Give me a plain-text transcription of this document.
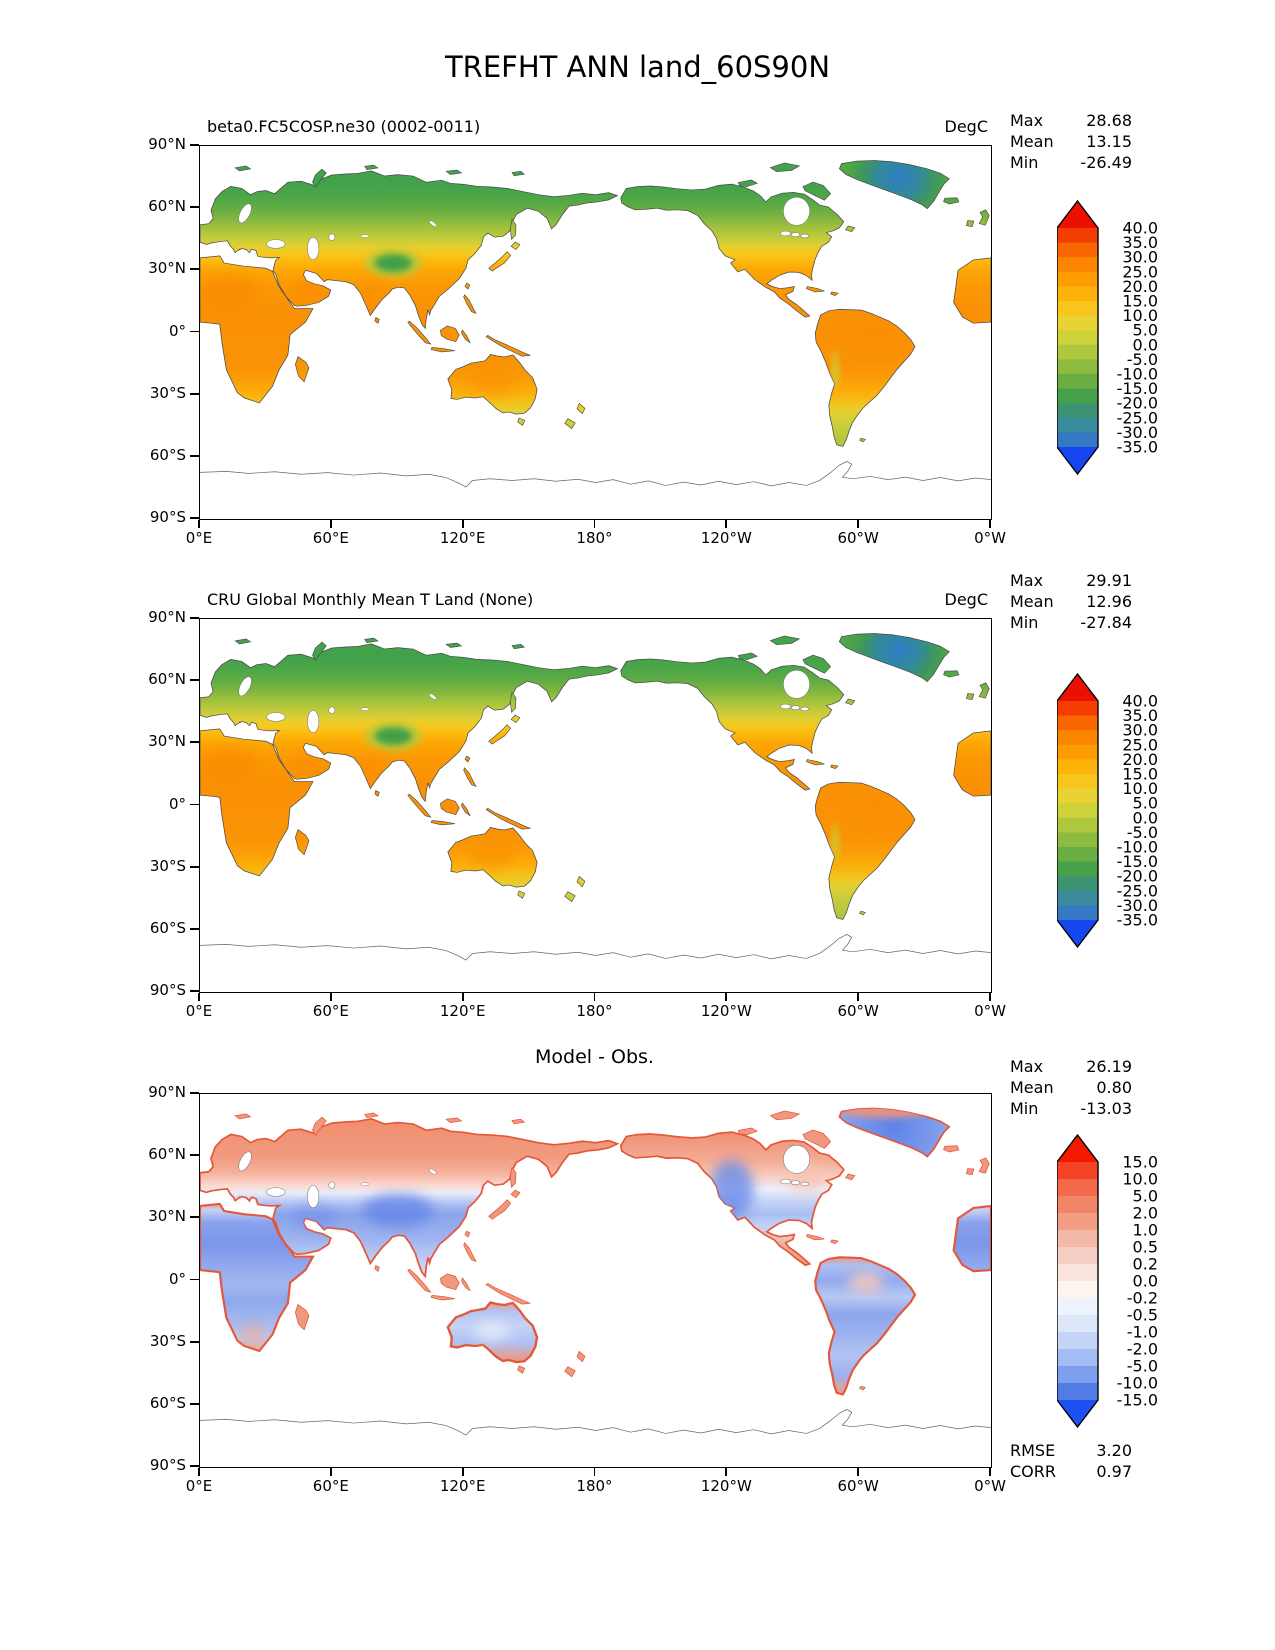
TREFHT ANN land_60S90N
beta0.FC5COSP.ne30 (0002-0011)	DegC Max	28.68
Mean 13.15
Min	-26.49
40.0
35.0
30.0
25.0
20.0
15.0
10.0
5.0
0.0
-5.0
-10.0
-15.0
-20.0
-25.0
-30.0
-35.0
CRU Global Monthly Mean T Land (None)	DegC
Max	29.91
Mean 12.96
Min	-27.84
40.0
35.0
30.0
25.0
20.0
15.0
10.0
5.0
0.0
-5.0
-10.0
-15.0
-20.0
-25.0
-30.0
-35.0
Model - Obs.	Max	26.19
Mean	0.80
Min	-13.03
15.0
10.0
5.0
2.0
1.0
0.5
0.2
0.0
-0.2
-0.5
-1.0
-2.0
-5.0
-10.0
-15.0
RMSE	3.20
CORR	0.97
0°E	60°E	120°E	180°	120°W	60°W	0°W
90°N
60°N
30°N
0°
30°S
60°S
90°S
0°E	60°E	120°E	180°	120°W	60°W	0°W
90°N
60°N
30°N
0°
30°S
60°S
90°S
0°E	60°E	120°E	180°	120°W	60°W	0°W
90°N
60°N
30°N
0°
30°S
60°S
90°S
